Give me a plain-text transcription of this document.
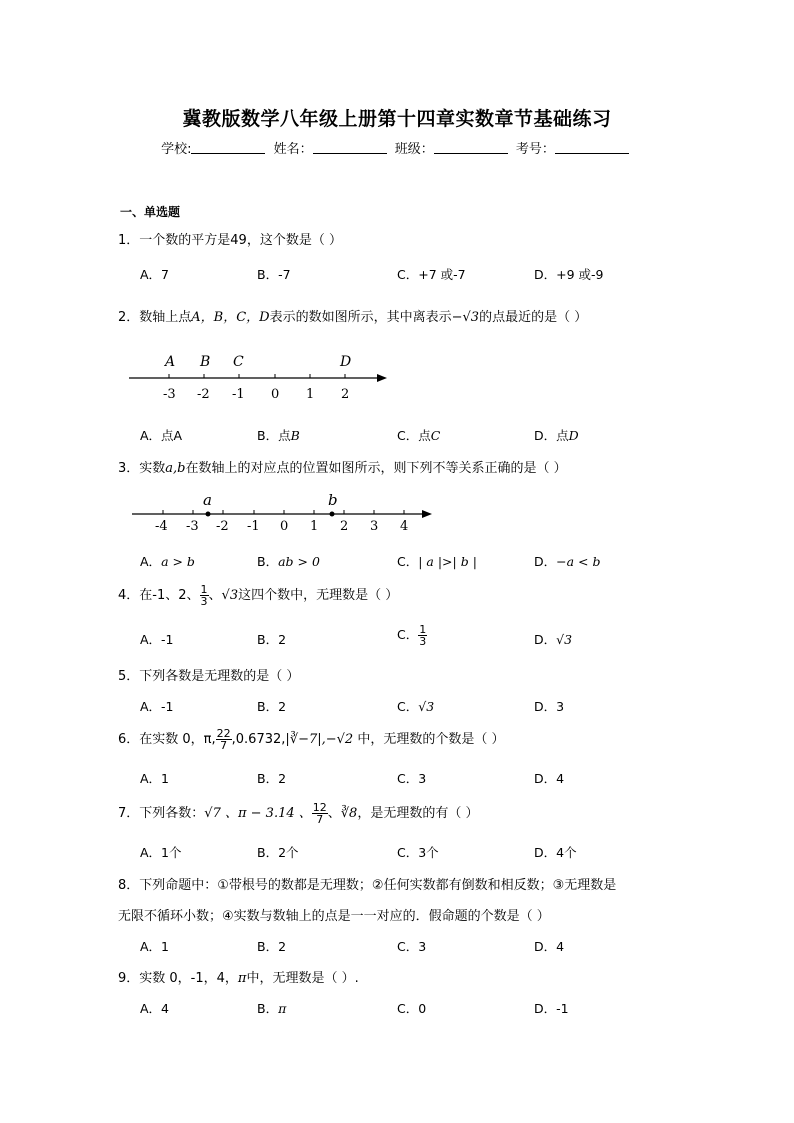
冀教版数学八年级上册第十四章实数章节基础练习
学校:	姓名：	班级：	考号：
一、单选题
1．一个数的平方是49，这个数是（ ）
A．7	B．-7	C．+7 或-7	D．+9 或-9
2．数轴上点A，B，C，D表示的数如图所示，其中离表示−√3的点最近的是（ ）
A B C	D
-3 -2 -1 0 1 2
A．点A	B．点B	C．点C	D．点D
3．实数a,b在数轴上的对应点的位置如图所示，则下列不等关系正确的是（ ）
a	b
-4 -3 -2 -1 0 1 2 3 4
A．a > b	B．ab > 0	C．| a |>| b |	D．−a < b
4．在-1、2、 $\frac{1}{3}$ 、√3这四个数中，无理数是（ ）
A．-1	B．2	C． $\frac{1}{3}$	D．√3
5．下列各数是无理数的是（ ）
A．-1	B．2	C．√3	D．3
6．在实数 0，π, $\frac{22}{7}$ ,0.6732,|∛−7|,−√2 中，无理数的个数是（ ）
A．1	B．2	C．3	D．4
7．下列各数：√7 、π − 3.14 、 $\frac{12}{7}$ 、∛8，是无理数的有（ ）
A．1个	B．2个	C．3个	D．4个
8．下列命题中：①带根号的数都是无理数；②任何实数都有倒数和相反数；③无理数是
无限不循环小数；④实数与数轴上的点是一一对应的．假命题的个数是（ ）
A．1	B．2	C．3	D．4
9．实数 0，-1，4，π中，无理数是（ ）.
A．4	B．π	C．0	D．-1
